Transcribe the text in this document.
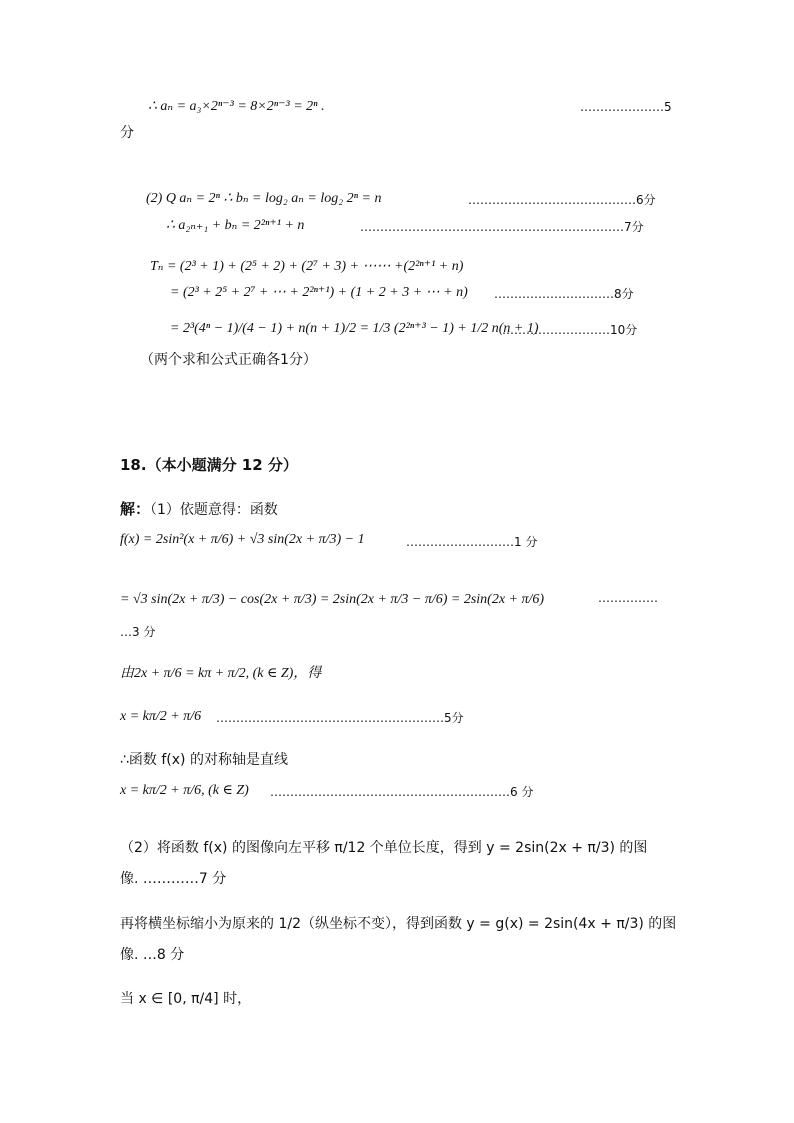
∴ aₙ = a₃×2ⁿ⁻³ = 8×2ⁿ⁻³ = 2ⁿ .	…………………5
分
(2) Q aₙ = 2ⁿ ∴ bₙ = log₂ aₙ = log₂ 2ⁿ = n	……………………………………6分
∴ a₂ₙ₊₁ + bₙ = 2²ⁿ⁺¹ + n	…………………………………………………………7分
Tₙ = (2³ + 1) + (2⁵ + 2) + (2⁷ + 3) + ⋯⋯ +(2²ⁿ⁺¹ + n)
= (2³ + 2⁵ + 2⁷ + ⋯ + 2²ⁿ⁺¹) + (1 + 2 + 3 + ⋯ + n) …………………………8分
= 2³(4ⁿ − 1)/(4 − 1) + n(n + 1)/2 = 1/3 (2²ⁿ⁺³ − 1) + 1/2 n(n + 1)
………………………10分
（两个求和公式正确各1分）
18.（本小题满分 12 分）
解：（1）依题意得：函数
f(x) = 2sin²(x + π/6) + √3 sin(2x + π/3) − 1	………………………1 分
= √3 sin(2x + π/3) − cos(2x + π/3) = 2sin(2x + π/3 − π/6) = 2sin(2x + π/6)	……………
…3 分
由2x + π/6 = kπ + π/2, (k ∈ Z)，得
x = kπ/2 + π/6 …………………………………………………5分
∴函数 f(x) 的对称轴是直线
x = kπ/2 + π/6, (k ∈ Z) ……………………………………………………6 分
（2）将函数 f(x) 的图像向左平移 π/12 个单位长度，得到 y = 2sin(2x + π/3) 的图
像. …………7 分
再将横坐标缩小为原来的 1/2（纵坐标不变），得到函数 y = g(x) = 2sin(4x + π/3) 的图
像. …8 分
当 x ∈ [0, π/4] 时，
